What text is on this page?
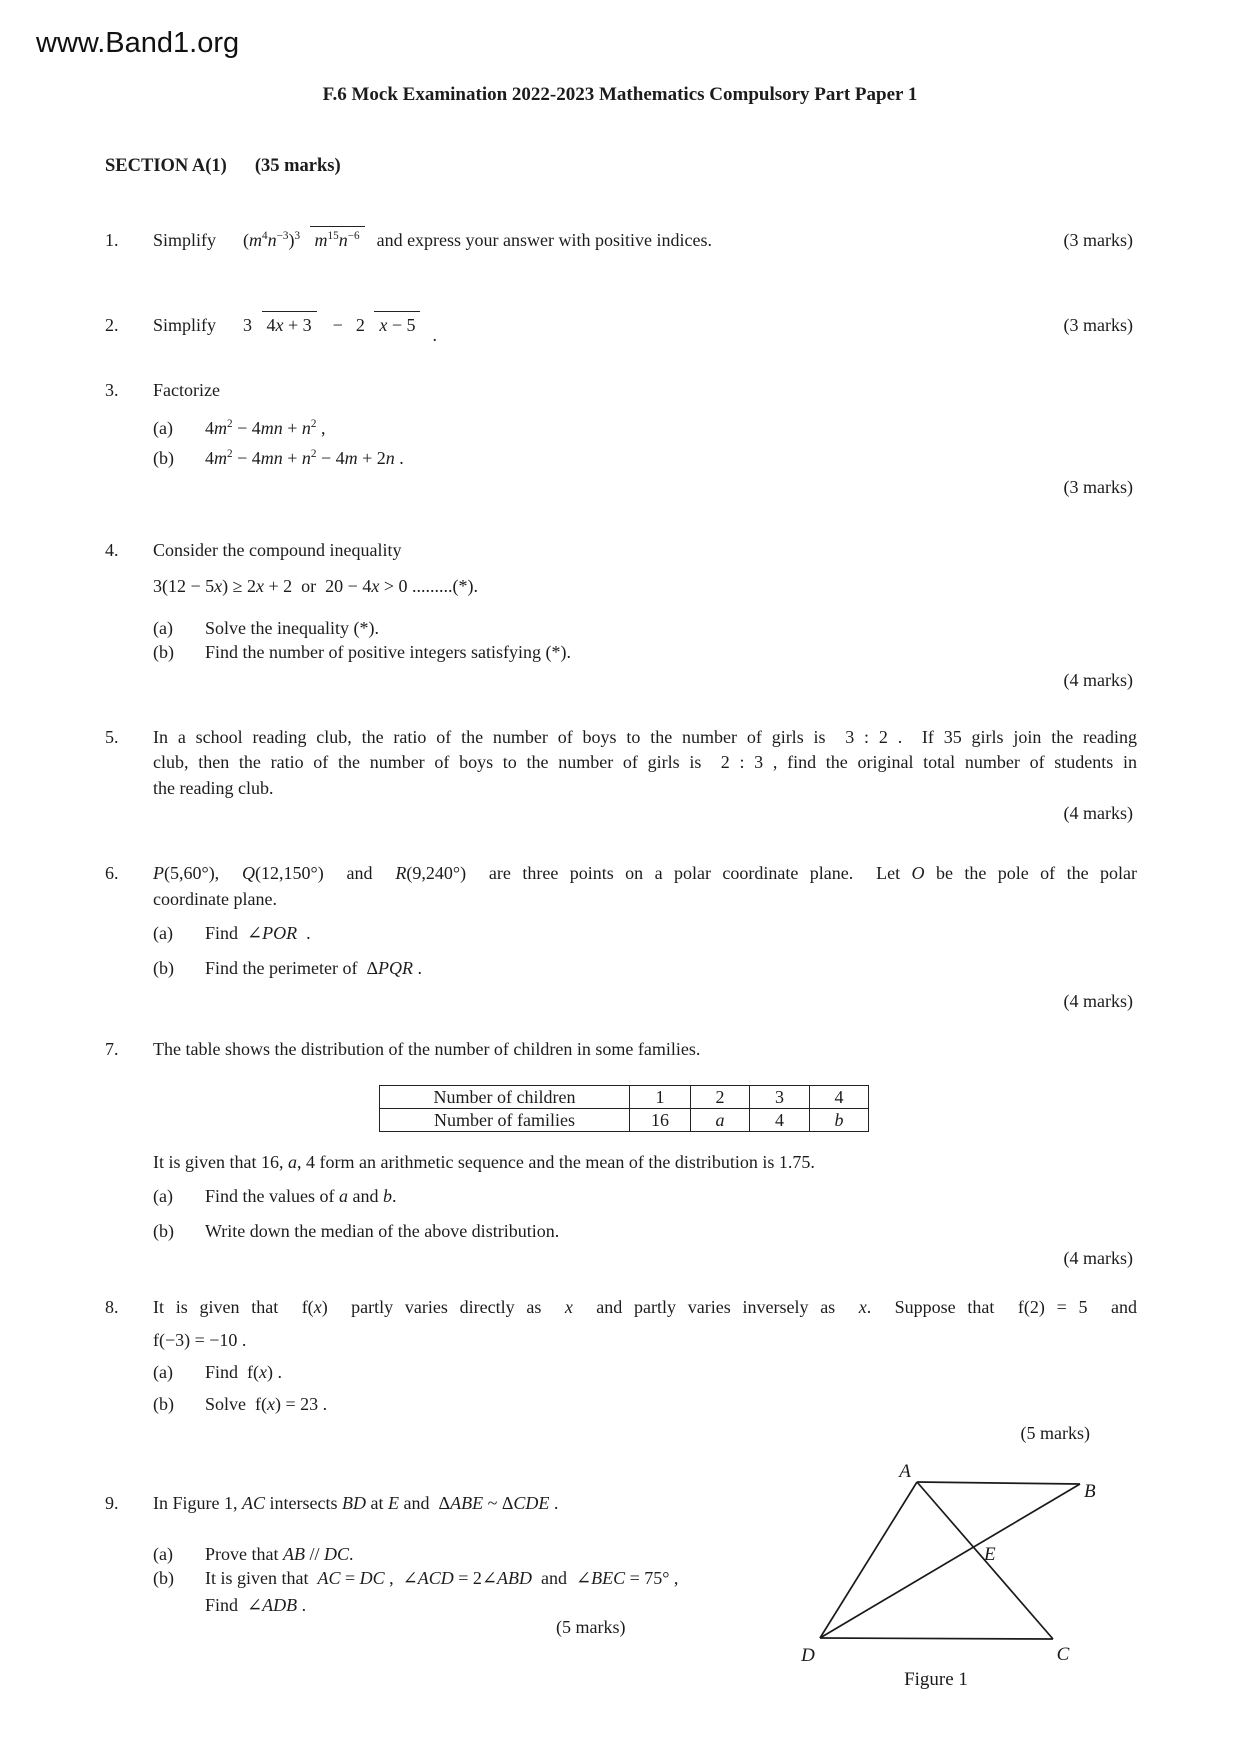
www.Band1.org
F.6 Mock Examination 2022-2023 Mathematics Compulsory Part Paper 1
SECTION A(1) (35 marks)
1.	Simplify $(m^4n^{-3})^3$ $m^{15}n^{-6}$ and express your answer with positive indices.	(3 marks)
2.	Simplify 3 4x + 3 − 2 x − 5 .	(3 marks)
3. Factorize
(a) $4m^2 - 4mn + n^2$ ,
(b) $4m^2 - 4mn + n^2 - 4m + 2n$ .
(3 marks)
4. Consider the compound inequality
3(12 − 5x) ≥ 2x + 2  or  20 − 4x > 0 .........(*).
(a) Solve the inequality (*).
(b) Find the number of positive integers satisfying (*).
(4 marks)
5. In a school reading club, the ratio of the number of boys to the number of girls is  3 : 2 .  If 35 girls join the reading
club, then the ratio of the number of boys to the number of girls is  2 : 3 , find the original total number of students in
the reading club.
(4 marks)
6. P(5,60°),  Q(12,150°)  and  R(9,240°)  are three points on a polar coordinate plane.  Let O be the pole of the polar
coordinate plane.
(a) Find  ∠POR  .
(b) Find the perimeter of  ΔPQR .
(4 marks)
7. The table shows the distribution of the number of children in some families.
Number of children	1	2	3	4
Number of families	16	a	4	b
It is given that 16, a, 4 form an arithmetic sequence and the mean of the distribution is 1.75.
(a) Find the values of a and b.
(b) Write down the median of the above distribution.
(4 marks)
8. It is given that  f(x)  partly varies directly as  x  and partly varies inversely as  x.  Suppose that  f(2) = 5  and
f(−3) = −10 .
(a) Find  f(x) .
(b) Solve  f(x) = 23 .
(5 marks)
9. In Figure 1, AC intersects BD at E and  ΔABE ~ ΔCDE .
(a) Prove that AB // DC.
(b) It is given that  AC = DC ,  ∠ACD = 2∠ABD  and  ∠BEC = 75° ,
Find  ∠ADB .
(5 marks)
A
B
E
D	C
Figure 1
